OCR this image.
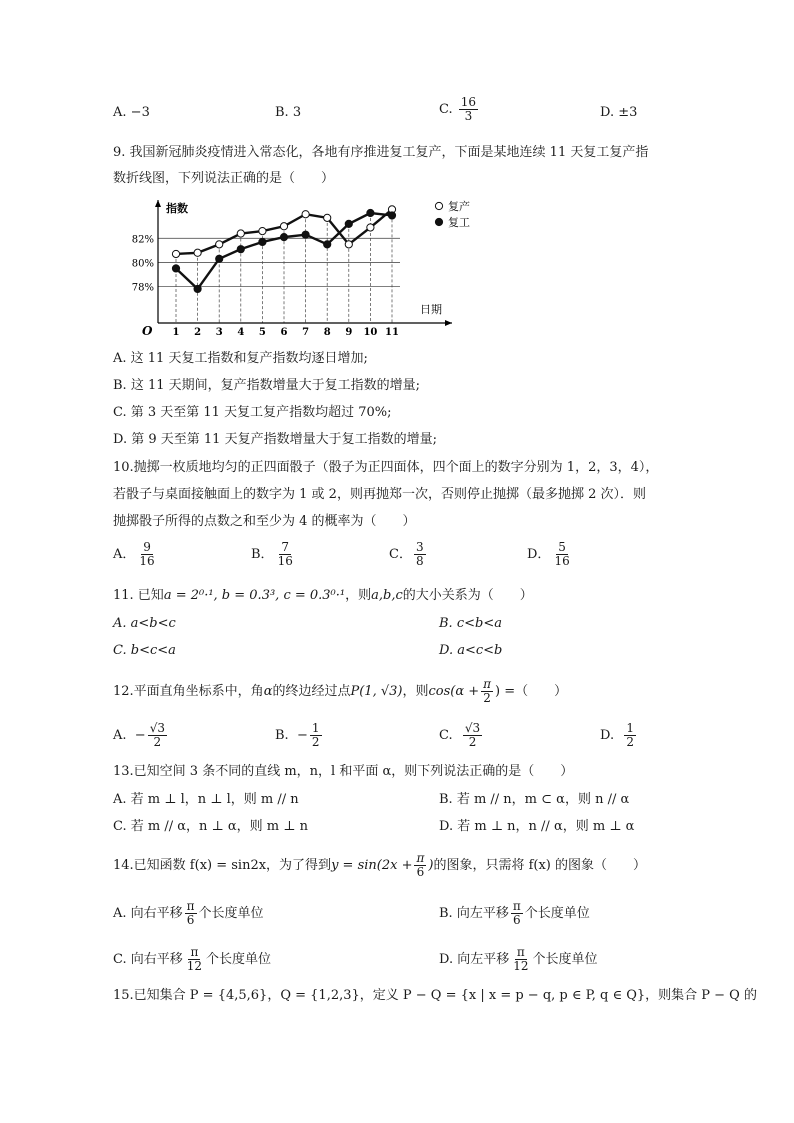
A. −3	B. 3	C. $\frac{16}{3}$	D. ±3
9. 我国新冠肺炎疫情进入常态化，各地有序推进复工复产，下面是某地连续 11 天复工复产指
数折线图，下列说法正确的是（　　）
82%
80%
78%
指数
日期
O 1 2 3 4 5 6 7 8 9 10 11
复产
复工
A. 这 11 天复工指数和复产指数均逐日增加;
B. 这 11 天期间，复产指数增量大于复工指数的增量;
C. 第 3 天至第 11 天复工复产指数均超过 70%;
D. 第 9 天至第 11 天复产指数增量大于复工指数的增量;
10.抛掷一枚质地均匀的正四面骰子（骰子为正四面体，四个面上的数字分别为 1，2，3，4），
若骰子与桌面接触面上的数字为 1 或 2，则再抛郑一次，否则停止抛掷（最多抛掷 2 次）．则
抛掷骰子所得的点数之和至少为 4 的概率为（　　）
A． $\frac{9}{16}$	B． $\frac{7}{16}$	C． $\frac{3}{8}$	D． $\frac{5}{16}$
11. 已知a = 2⁰·¹, b = 0.3³, c = 0.3⁰·¹，则a,b,c的大小关系为（　　）
A. a<b<c	B. c<b<a
C. b<c<a	D. a<c<b
12.平面直角坐标系中，角α的终边经过点P(1, √3)，则$\cos(\alpha + \frac{\pi}{2}$ ) =（　　）
A. − $\frac{√3}{2}$	B. − $\frac{1}{2}$	C. $\frac{√3}{2}$	D. $\frac{1}{2}$
13.已知空间 3 条不同的直线 m，n，l 和平面 α，则下列说法正确的是（　　）
A. 若 m ⊥ l，n ⊥ l，则 m // n	B. 若 m // n，m ⊂ α，则 n // α
C. 若 m // α，n ⊥ α，则 m ⊥ n	D. 若 m ⊥ n，n // α，则 m ⊥ α
14.已知函数 f(x) = sin2x，为了得到$y = \sin(2x + \frac{\pi}{6}$ )的图象，只需将 f(x) 的图象（　　）
A. 向右平移 $\frac{\pi}{6}$ 个长度单位	B. 向左平移 $\frac{\pi}{6}$ 个长度单位
C. 向右平移 $\frac{\pi}{12}$ 个长度单位	D. 向左平移 $\frac{\pi}{12}$ 个长度单位
15.已知集合 P = {4,5,6}，Q = {1,2,3}，定义 P − Q = {x | x = p − q, p ∈ P, q ∈ Q}，则集合 P − Q 的
